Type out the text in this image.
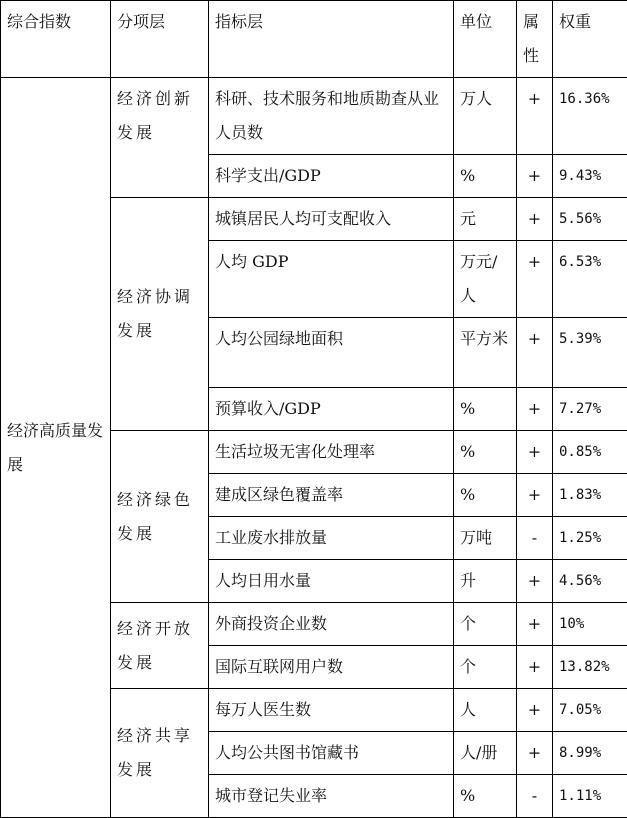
综合指数	分项层	指标层	单位	属性	权重
经济高质量发展	经济创新发展	科研、技术服务和地质勘查从业人员数	万人	+	16.36%
		科学支出/GDP	%	+	9.43%
	经济协调发展	城镇居民人均可支配收入	元	+	5.56%
		人均 GDP	万元/人	+	6.53%
		人均公园绿地面积	平方米	+	5.39%
		预算收入/GDP	%	+	7.27%
	经济绿色发展	生活垃圾无害化处理率	%	+	0.85%
		建成区绿色覆盖率	%	+	1.83%
		工业废水排放量	万吨	-	1.25%
		人均日用水量	升	+	4.56%
	经济开放发展	外商投资企业数	个	+	10%
		国际互联网用户数	个	+	13.82%
	经济共享发展	每万人医生数	人	+	7.05%
		人均公共图书馆藏书	人/册	+	8.99%
		城市登记失业率	%	-	1.11%
